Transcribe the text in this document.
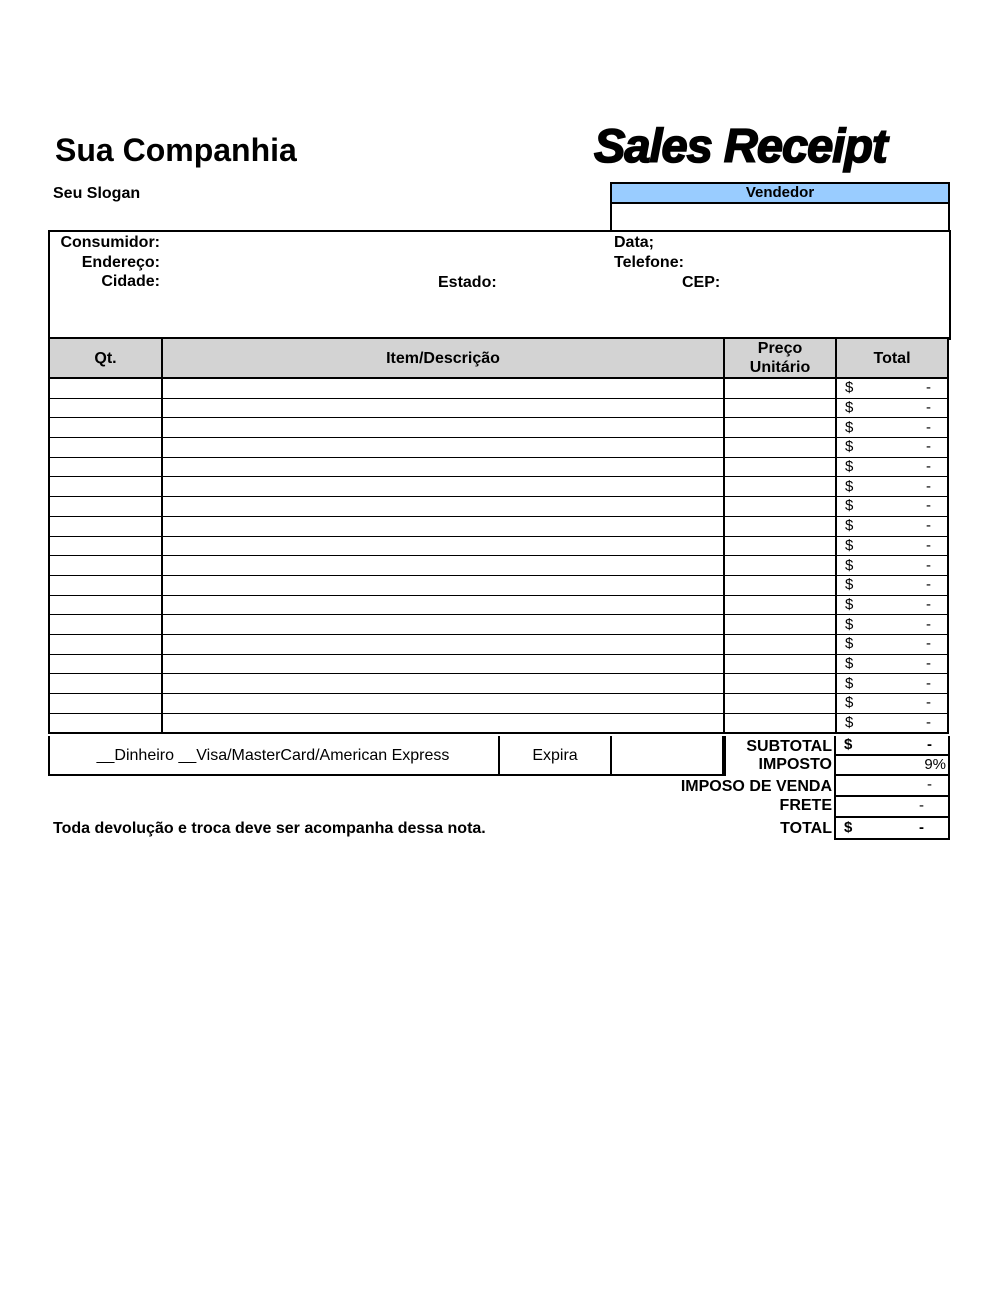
Sua Companhia	Sales Receipt
Seu Slogan	Vendedor
Consumidor:
Endereço:
Cidade:	Estado:
Data;
Telefone:
CEP:
Qt.	Item/Descrição	Preço Unitário	Total

			$ -

			$ -

			$ -

			$ -

			$ -

			$ -

			$ -

			$ -

			$ -

			$ -

			$ -

			$ -

			$ -

			$ -

			$ -

			$ -

			$ -

			$ -
__Dinheiro __Visa/MasterCard/American Express	Expira
SUBTOTAL $	-
IMPOSTO	9%
IMPOSO DE VENDA	-
FRETE	-
TOTAL $	-
Toda devolução e troca deve ser acompanha dessa nota.
